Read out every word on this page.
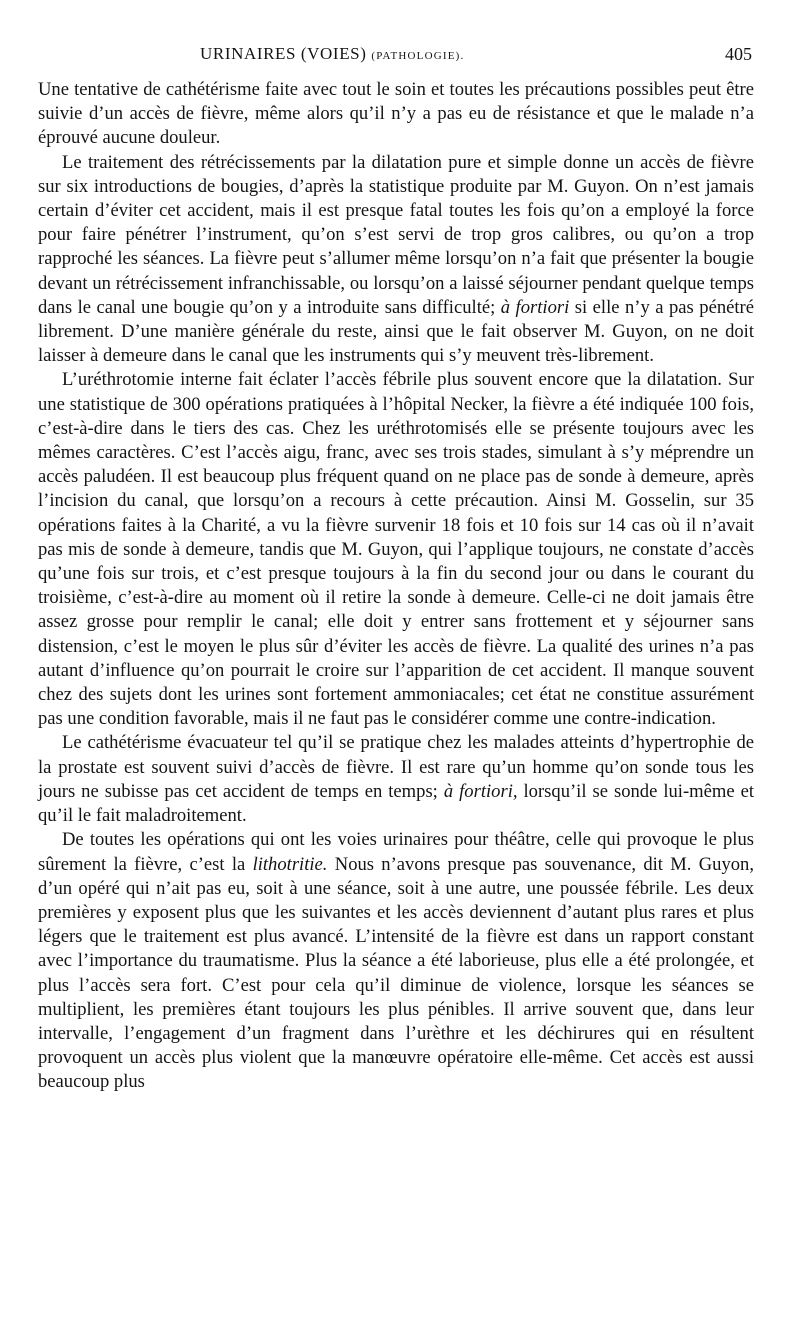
URINAIRES (VOIES) (PATHOLOGIE).	405

Une tentative de cathétérisme faite avec tout le soin et toutes les précautions possibles peut être suivie d’un accès de fièvre, même alors qu’il n’y a pas eu de résistance et que le malade n’a éprouvé aucune douleur.

Le traitement des rétrécissements par la dilatation pure et simple donne un accès de fièvre sur six introductions de bougies, d’après la statistique produite par M. Guyon. On n’est jamais certain d’éviter cet accident, mais il est presque fatal toutes les fois qu’on a employé la force pour faire pénétrer l’instrument, qu’on s’est servi de trop gros calibres, ou qu’on a trop rapproché les séances. La fièvre peut s’allumer même lorsqu’on n’a fait que présenter la bougie devant un rétrécissement infranchissable, ou lorsqu’on a laissé séjourner pendant quelque temps dans le canal une bougie qu’on y a introduite sans difficulté; à fortiori si elle n’y a pas pénétré librement. D’une manière générale du reste, ainsi que le fait observer M. Guyon, on ne doit laisser à demeure dans le canal que les instruments qui s’y meuvent très-librement.

L’uréthrotomie interne fait éclater l’accès fébrile plus souvent encore que la dilatation. Sur une statistique de 300 opérations pratiquées à l’hôpital Necker, la fièvre a été indiquée 100 fois, c’est-à-dire dans le tiers des cas. Chez les uréthrotomisés elle se présente toujours avec les mêmes caractères. C’est l’accès aigu, franc, avec ses trois stades, simulant à s’y méprendre un accès paludéen. Il est beaucoup plus fréquent quand on ne place pas de sonde à demeure, après l’incision du canal, que lorsqu’on a recours à cette précaution. Ainsi M. Gosselin, sur 35 opérations faites à la Charité, a vu la fièvre survenir 18 fois et 10 fois sur 14 cas où il n’avait pas mis de sonde à demeure, tandis que M. Guyon, qui l’applique toujours, ne constate d’accès qu’une fois sur trois, et c’est presque toujours à la fin du second jour ou dans le courant du troisième, c’est-à-dire au moment où il retire la sonde à demeure. Celle-ci ne doit jamais être assez grosse pour remplir le canal; elle doit y entrer sans frottement et y séjourner sans distension, c’est le moyen le plus sûr d’éviter les accès de fièvre. La qualité des urines n’a pas autant d’influence qu’on pourrait le croire sur l’apparition de cet accident. Il manque souvent chez des sujets dont les urines sont fortement ammoniacales; cet état ne constitue assurément pas une condition favorable, mais il ne faut pas le considérer comme une contre-indication.

Le cathétérisme évacuateur tel qu’il se pratique chez les malades atteints d’hypertrophie de la prostate est souvent suivi d’accès de fièvre. Il est rare qu’un homme qu’on sonde tous les jours ne subisse pas cet accident de temps en temps; à fortiori, lorsqu’il se sonde lui-même et qu’il le fait maladroitement.

De toutes les opérations qui ont les voies urinaires pour théâtre, celle qui provoque le plus sûrement la fièvre, c’est la lithotritie. Nous n’avons presque pas souvenance, dit M. Guyon, d’un opéré qui n’ait pas eu, soit à une séance, soit à une autre, une poussée fébrile. Les deux premières y exposent plus que les suivantes et les accès deviennent d’autant plus rares et plus légers que le traitement est plus avancé. L’intensité de la fièvre est dans un rapport constant avec l’importance du traumatisme. Plus la séance a été laborieuse, plus elle a été prolongée, et plus l’accès sera fort. C’est pour cela qu’il diminue de violence, lorsque les séances se multiplient, les premières étant toujours les plus pénibles. Il arrive souvent que, dans leur intervalle, l’engagement d’un fragment dans l’urèthre et les déchirures qui en résultent provoquent un accès plus violent que la manœuvre opératoire elle-même. Cet accès est aussi beaucoup plus
